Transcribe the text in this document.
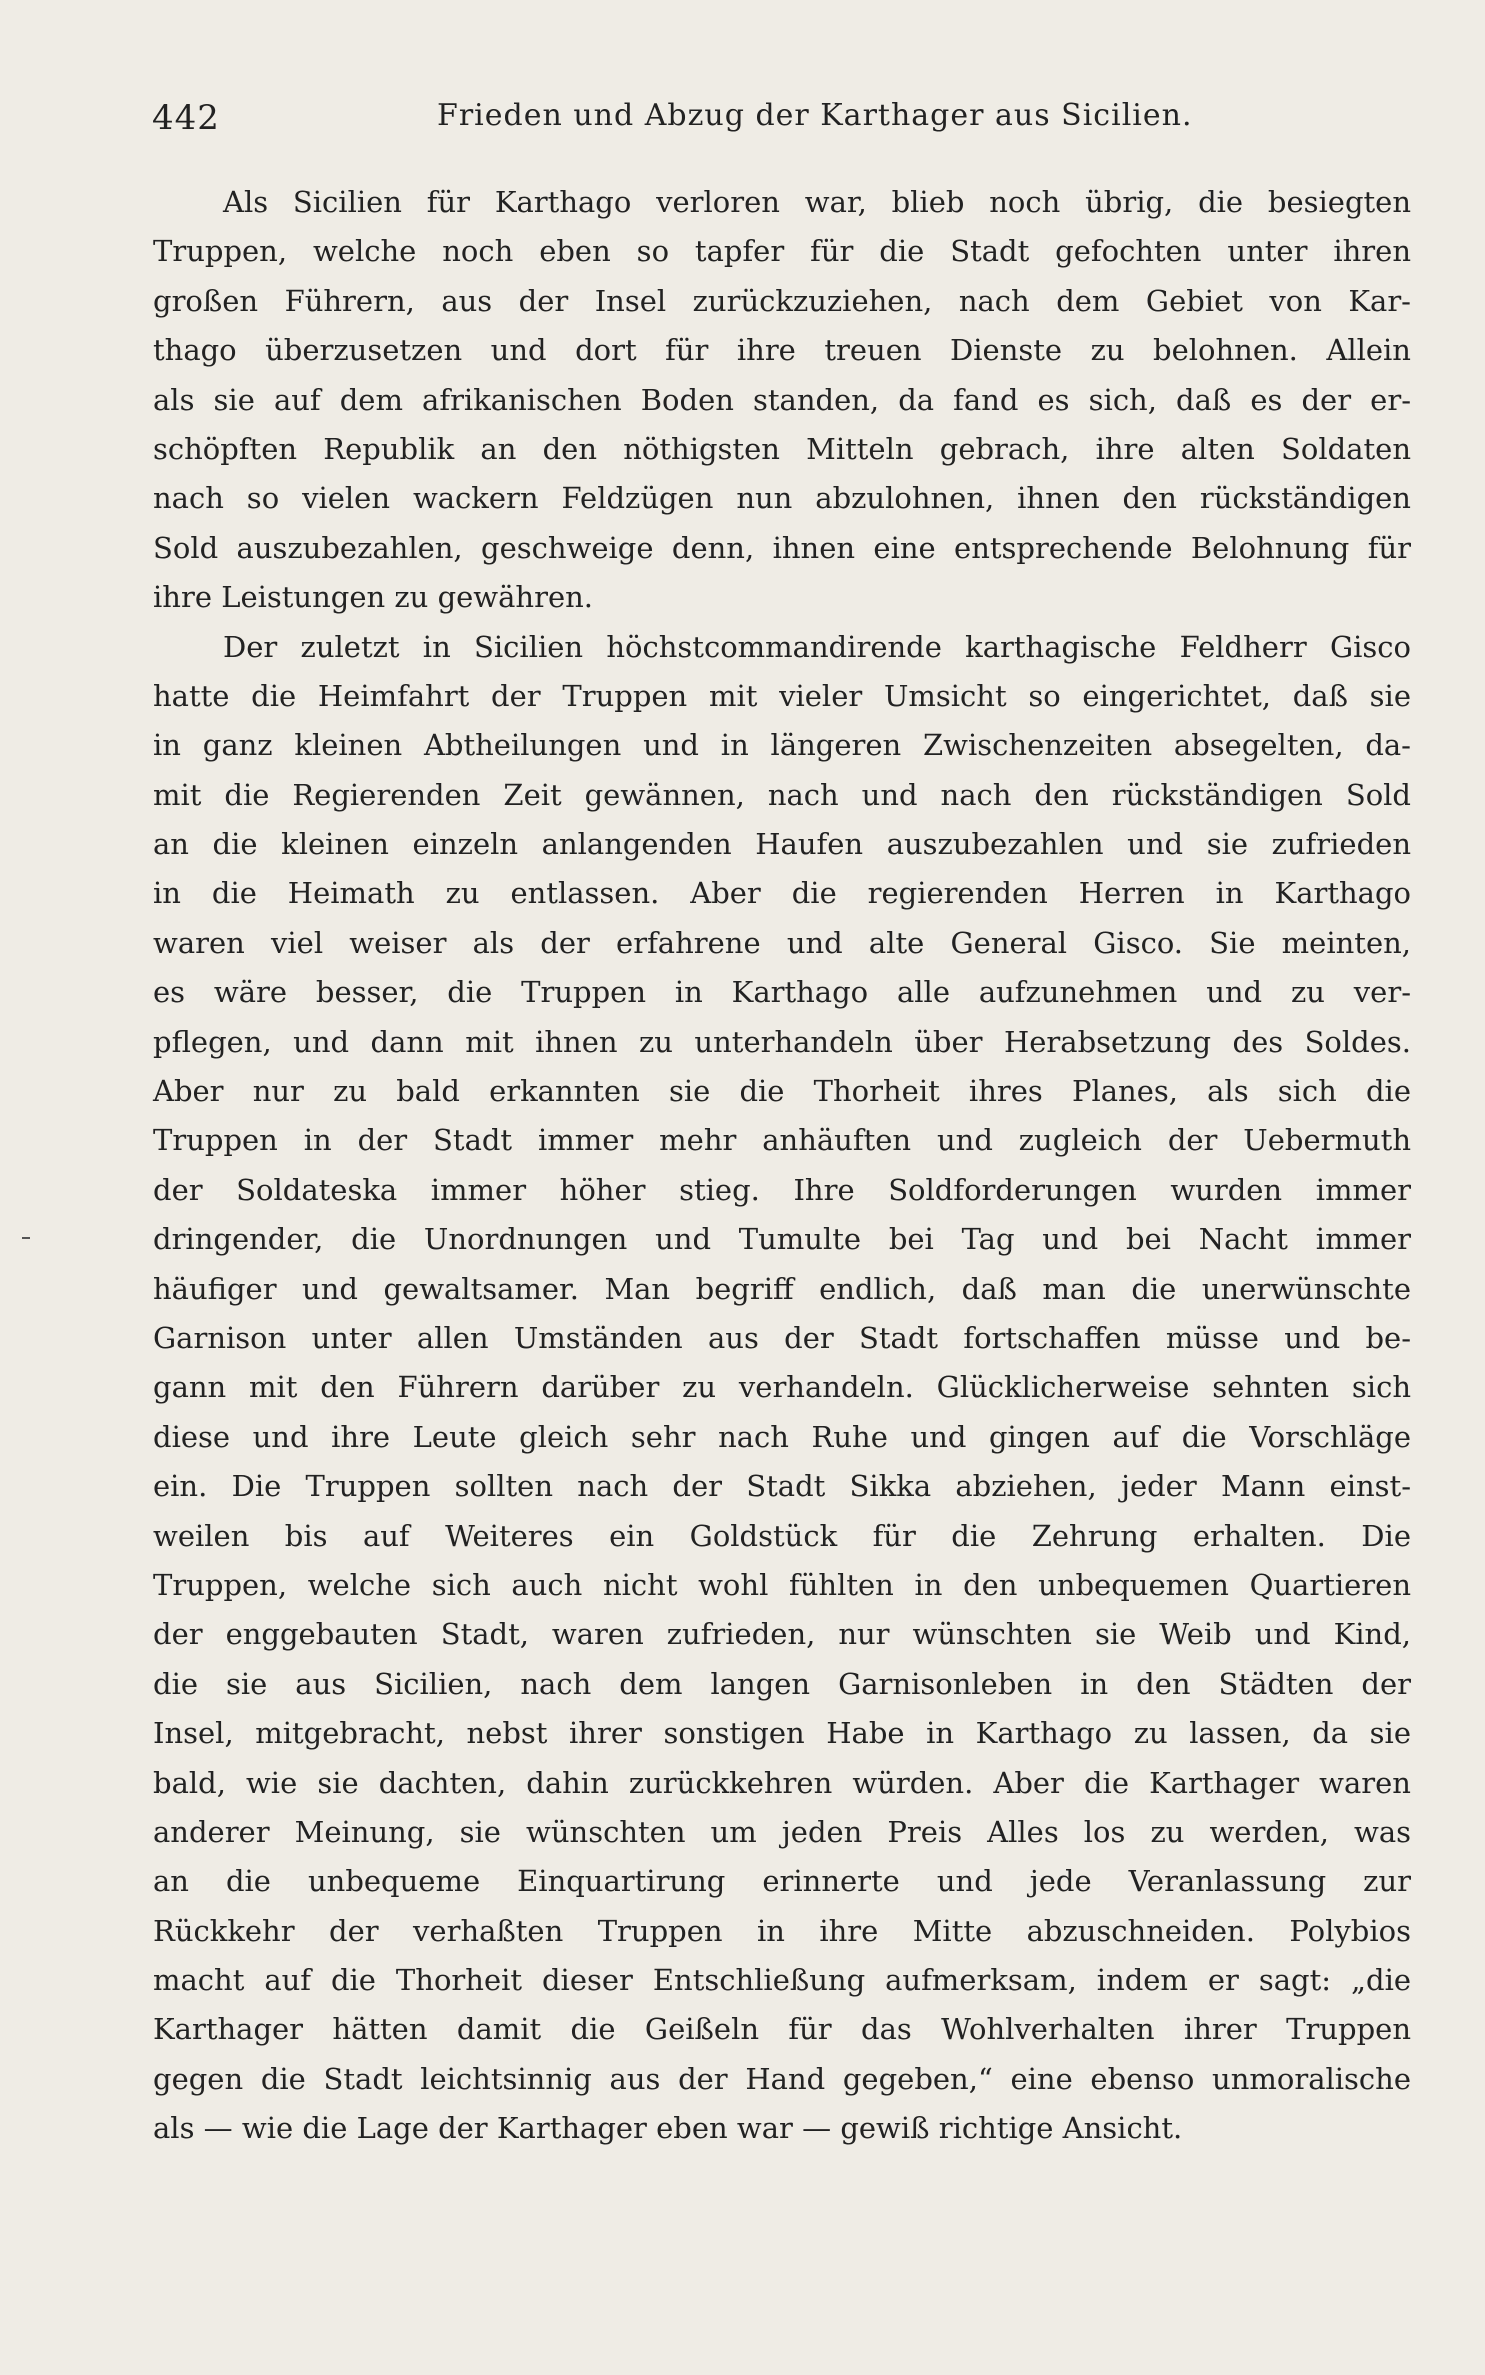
442	Frieden und Abzug der Karthager aus Sicilien.
Als Sicilien für Karthago verloren war, blieb noch übrig, die besiegten
Truppen, welche noch eben so tapfer für die Stadt gefochten unter ihren
großen Führern, aus der Insel zurückzuziehen, nach dem Gebiet von Kar-
thago überzusetzen und dort für ihre treuen Dienste zu belohnen. Allein
als sie auf dem afrikanischen Boden standen, da fand es sich, daß es der er-
schöpften Republik an den nöthigsten Mitteln gebrach, ihre alten Soldaten
nach so vielen wackern Feldzügen nun abzulohnen, ihnen den rückständigen
Sold auszubezahlen, geschweige denn, ihnen eine entsprechende Belohnung für
ihre Leistungen zu gewähren.
Der zuletzt in Sicilien höchstcommandirende karthagische Feldherr Gisco
hatte die Heimfahrt der Truppen mit vieler Umsicht so eingerichtet, daß sie
in ganz kleinen Abtheilungen und in längeren Zwischenzeiten absegelten, da-
mit die Regierenden Zeit gewännen, nach und nach den rückständigen Sold
an die kleinen einzeln anlangenden Haufen auszubezahlen und sie zufrieden
in die Heimath zu entlassen. Aber die regierenden Herren in Karthago
waren viel weiser als der erfahrene und alte General Gisco. Sie meinten,
es wäre besser, die Truppen in Karthago alle aufzunehmen und zu ver-
pflegen, und dann mit ihnen zu unterhandeln über Herabsetzung des Soldes.
Aber nur zu bald erkannten sie die Thorheit ihres Planes, als sich die
Truppen in der Stadt immer mehr anhäuften und zugleich der Uebermuth
der Soldateska immer höher stieg. Ihre Soldforderungen wurden immer
dringender, die Unordnungen und Tumulte bei Tag und bei Nacht immer
häufiger und gewaltsamer. Man begriff endlich, daß man die unerwünschte
Garnison unter allen Umständen aus der Stadt fortschaffen müsse und be-
gann mit den Führern darüber zu verhandeln. Glücklicherweise sehnten sich
diese und ihre Leute gleich sehr nach Ruhe und gingen auf die Vorschläge
ein. Die Truppen sollten nach der Stadt Sikka abziehen, jeder Mann einst-
weilen bis auf Weiteres ein Goldstück für die Zehrung erhalten. Die
Truppen, welche sich auch nicht wohl fühlten in den unbequemen Quartieren
der enggebauten Stadt, waren zufrieden, nur wünschten sie Weib und Kind,
die sie aus Sicilien, nach dem langen Garnisonleben in den Städten der
Insel, mitgebracht, nebst ihrer sonstigen Habe in Karthago zu lassen, da sie
bald, wie sie dachten, dahin zurückkehren würden. Aber die Karthager waren
anderer Meinung, sie wünschten um jeden Preis Alles los zu werden, was
an die unbequeme Einquartirung erinnerte und jede Veranlassung zur
Rückkehr der verhaßten Truppen in ihre Mitte abzuschneiden. Polybios
macht auf die Thorheit dieser Entschließung aufmerksam, indem er sagt: „die
Karthager hätten damit die Geißeln für das Wohlverhalten ihrer Truppen
gegen die Stadt leichtsinnig aus der Hand gegeben,“ eine ebenso unmoralische
als — wie die Lage der Karthager eben war — gewiß richtige Ansicht.
